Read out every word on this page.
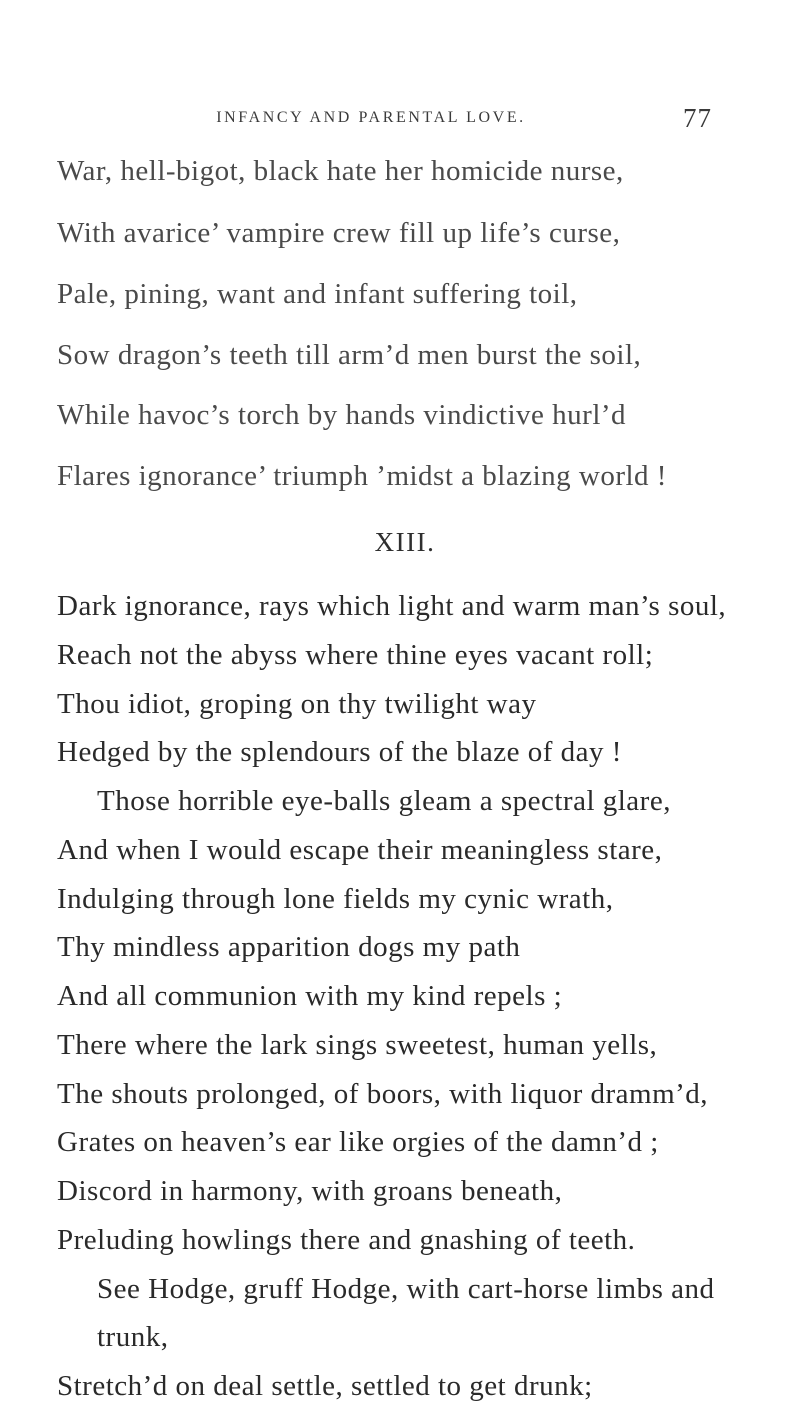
INFANCY AND PARENTAL LOVE.	77
War, hell-bigot, black hate her homicide nurse,
With avarice’ vampire crew fill up life’s curse,
Pale, pining, want and infant suffering toil,
Sow dragon’s teeth till arm’d men burst the soil,
While havoc’s torch by hands vindictive hurl’d
Flares ignorance’ triumph ’midst a blazing world !
XIII.
Dark ignorance, rays which light and warm man’s soul,
Reach not the abyss where thine eyes vacant roll;
Thou idiot, groping on thy twilight way
Hedged by the splendours of the blaze of day !
Those horrible eye-balls gleam a spectral glare,
And when I would escape their meaningless stare,
Indulging through lone fields my cynic wrath,
Thy mindless apparition dogs my path
And all communion with my kind repels ;
There where the lark sings sweetest, human yells,
The shouts prolonged, of boors, with liquor dramm’d,
Grates on heaven’s ear like orgies of the damn’d ;
Discord in harmony, with groans beneath,
Preluding howlings there and gnashing of teeth.
See Hodge, gruff Hodge, with cart-horse limbs and
trunk,
Stretch’d on deal settle, settled to get drunk;
